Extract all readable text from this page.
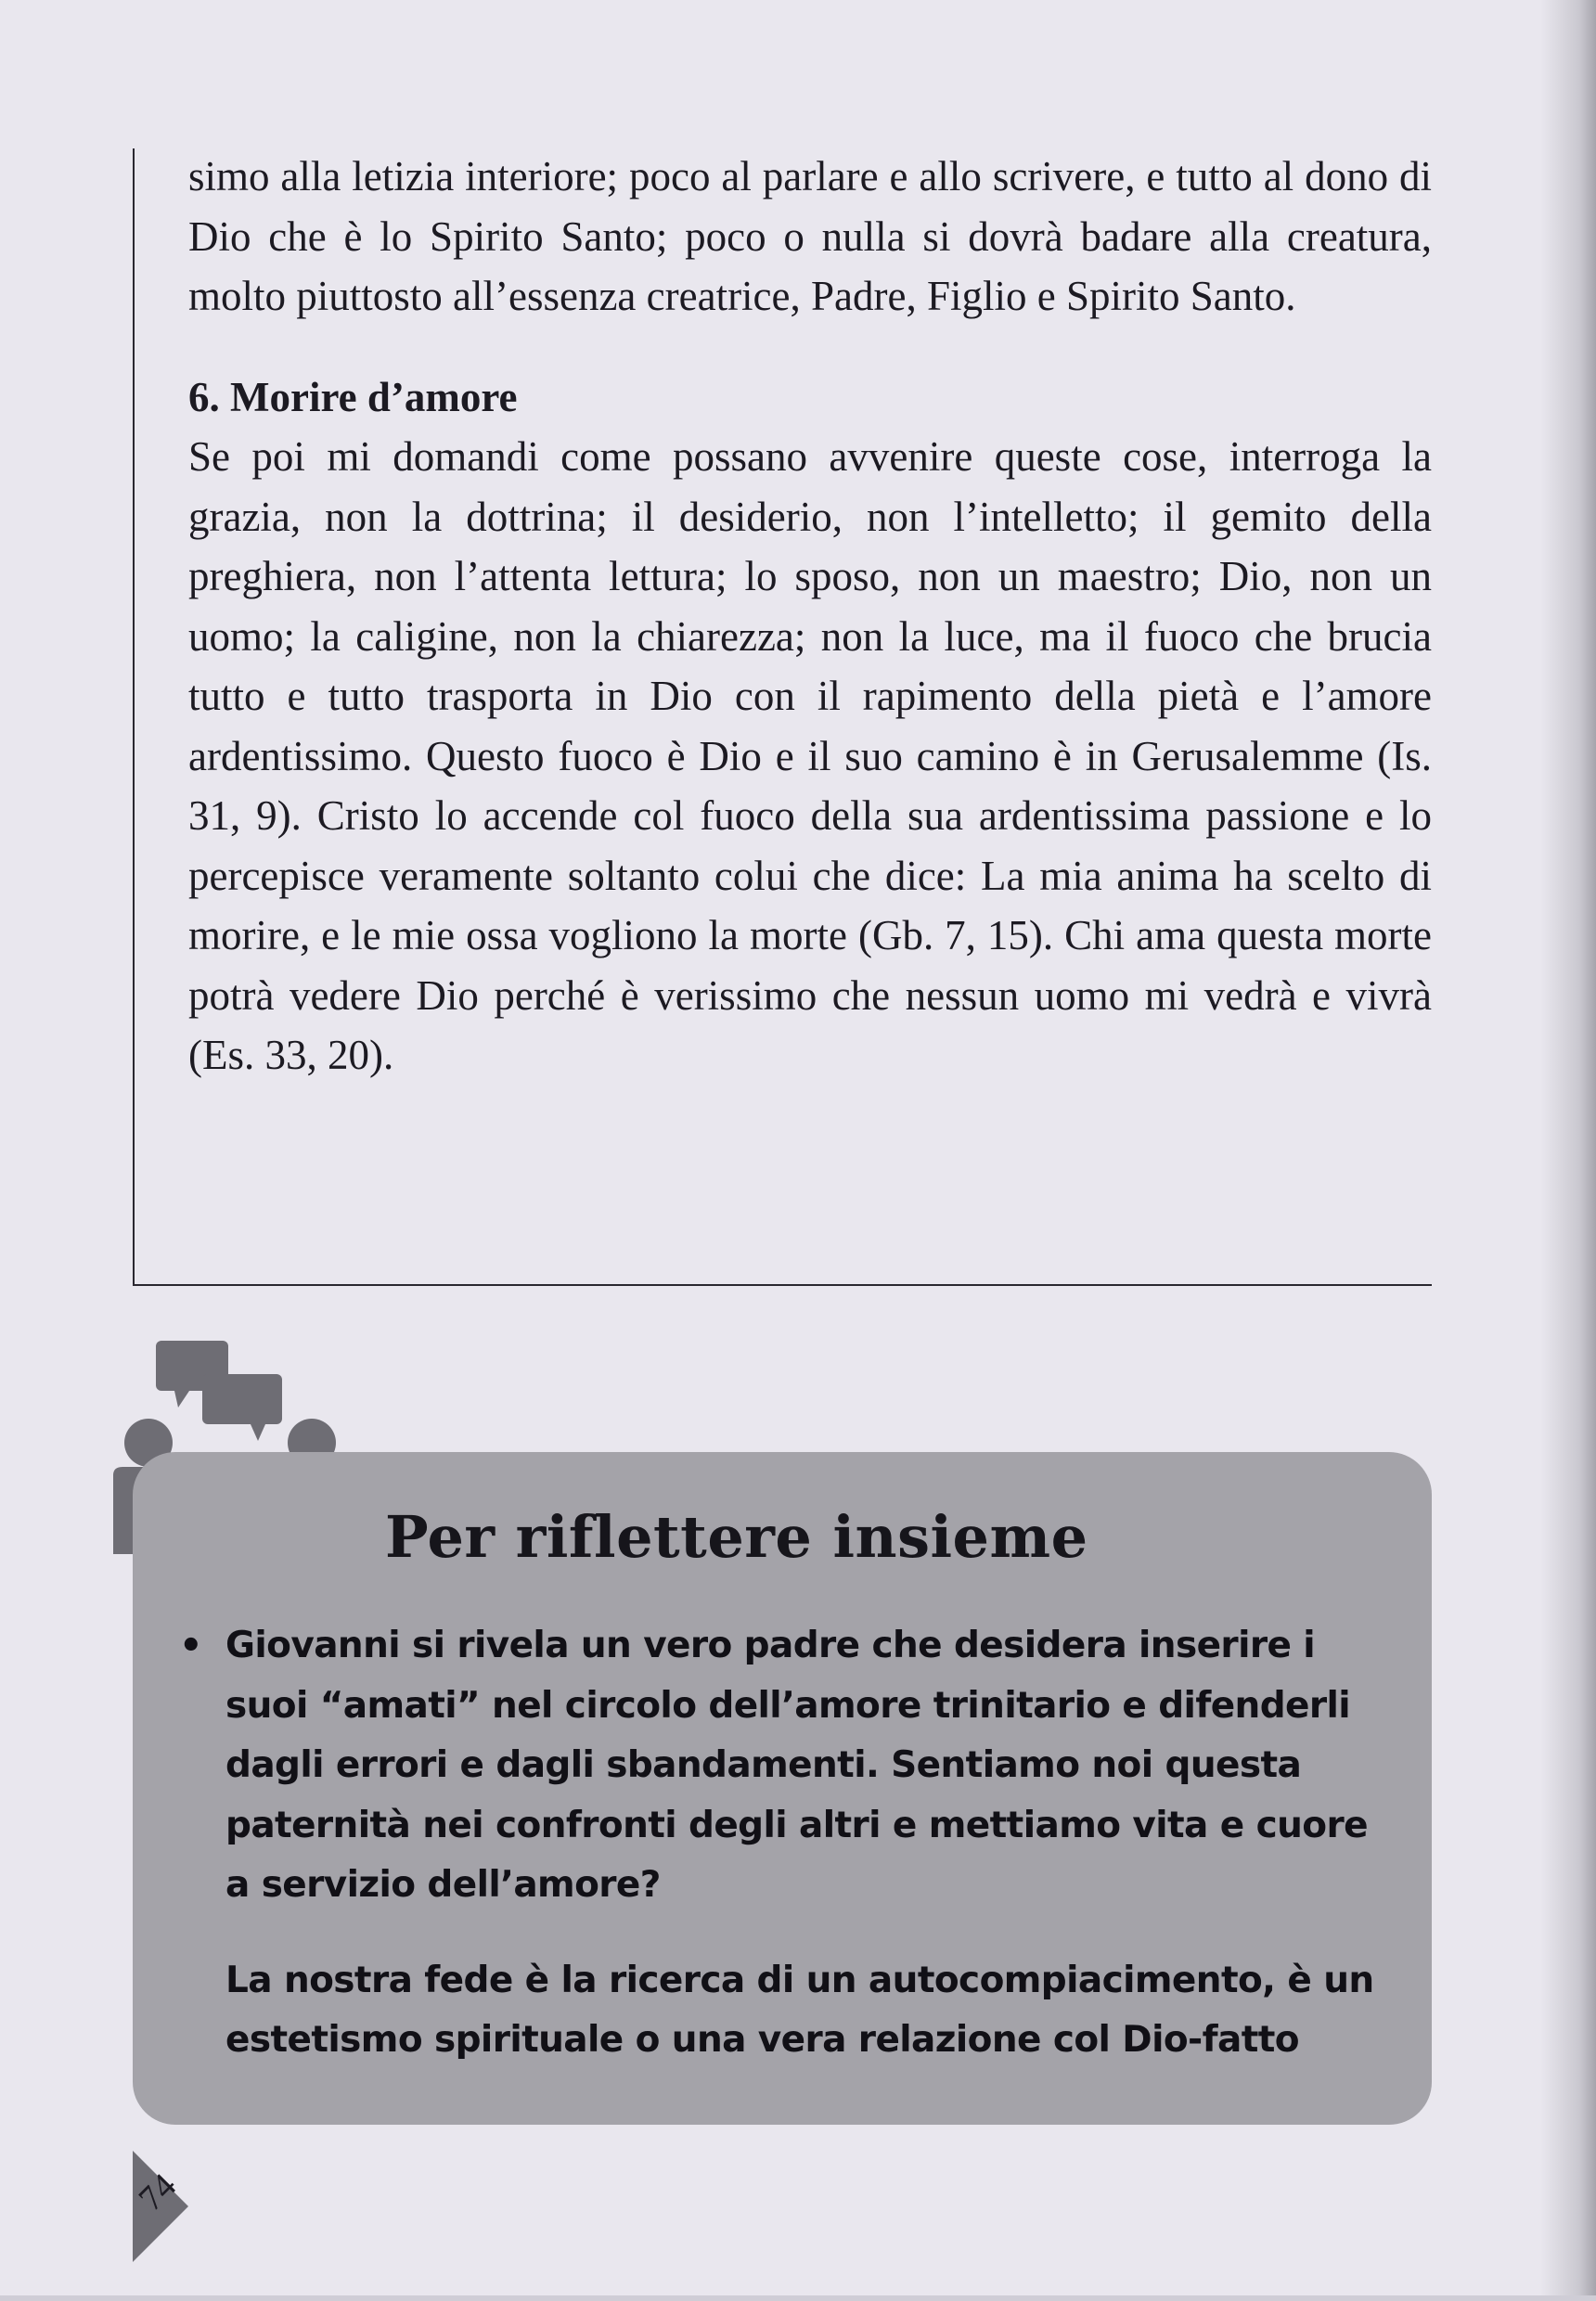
simo alla letizia interiore; poco al parlare e allo scrivere, e tutto al dono di Dio che è lo Spirito Santo; poco o nulla si dovrà badare alla creatura, molto piuttosto all’essenza creatrice, Padre, Figlio e Spirito Santo.

6. Morire d’amore

Se poi mi domandi come possano avvenire queste cose, interroga la grazia, non la dottrina; il desiderio, non l’intelletto; il gemito della preghiera, non l’attenta lettura; lo sposo, non un maestro; Dio, non un uomo; la caligine, non la chiarezza; non la luce, ma il fuoco che brucia tutto e tutto trasporta in Dio con il rapimento della pietà e l’amore ardentissimo. Questo fuoco è Dio e il suo camino è in Gerusalemme (Is. 31, 9). Cristo lo accende col fuoco della sua ardentissima passione e lo percepisce veramente soltanto colui che dice: La mia anima ha scelto di morire, e le mie ossa vogliono la morte (Gb. 7, 15). Chi ama questa morte potrà vedere Dio perché è verissimo che nessun uomo mi vedrà e vivrà (Es. 33, 20).

Per riflettere insieme

• Giovanni si rivela un vero padre che desidera inserire i suoi “amati” nel circolo dell’amore trinitario e difenderli dagli errori e dagli sbandamenti. Sentiamo noi questa paternità nei confronti degli altri e mettiamo vita e cuore a servizio dell’amore?

La nostra fede è la ricerca di un autocompiacimento, è un estetismo spirituale o una vera relazione col Dio-fatto

74
